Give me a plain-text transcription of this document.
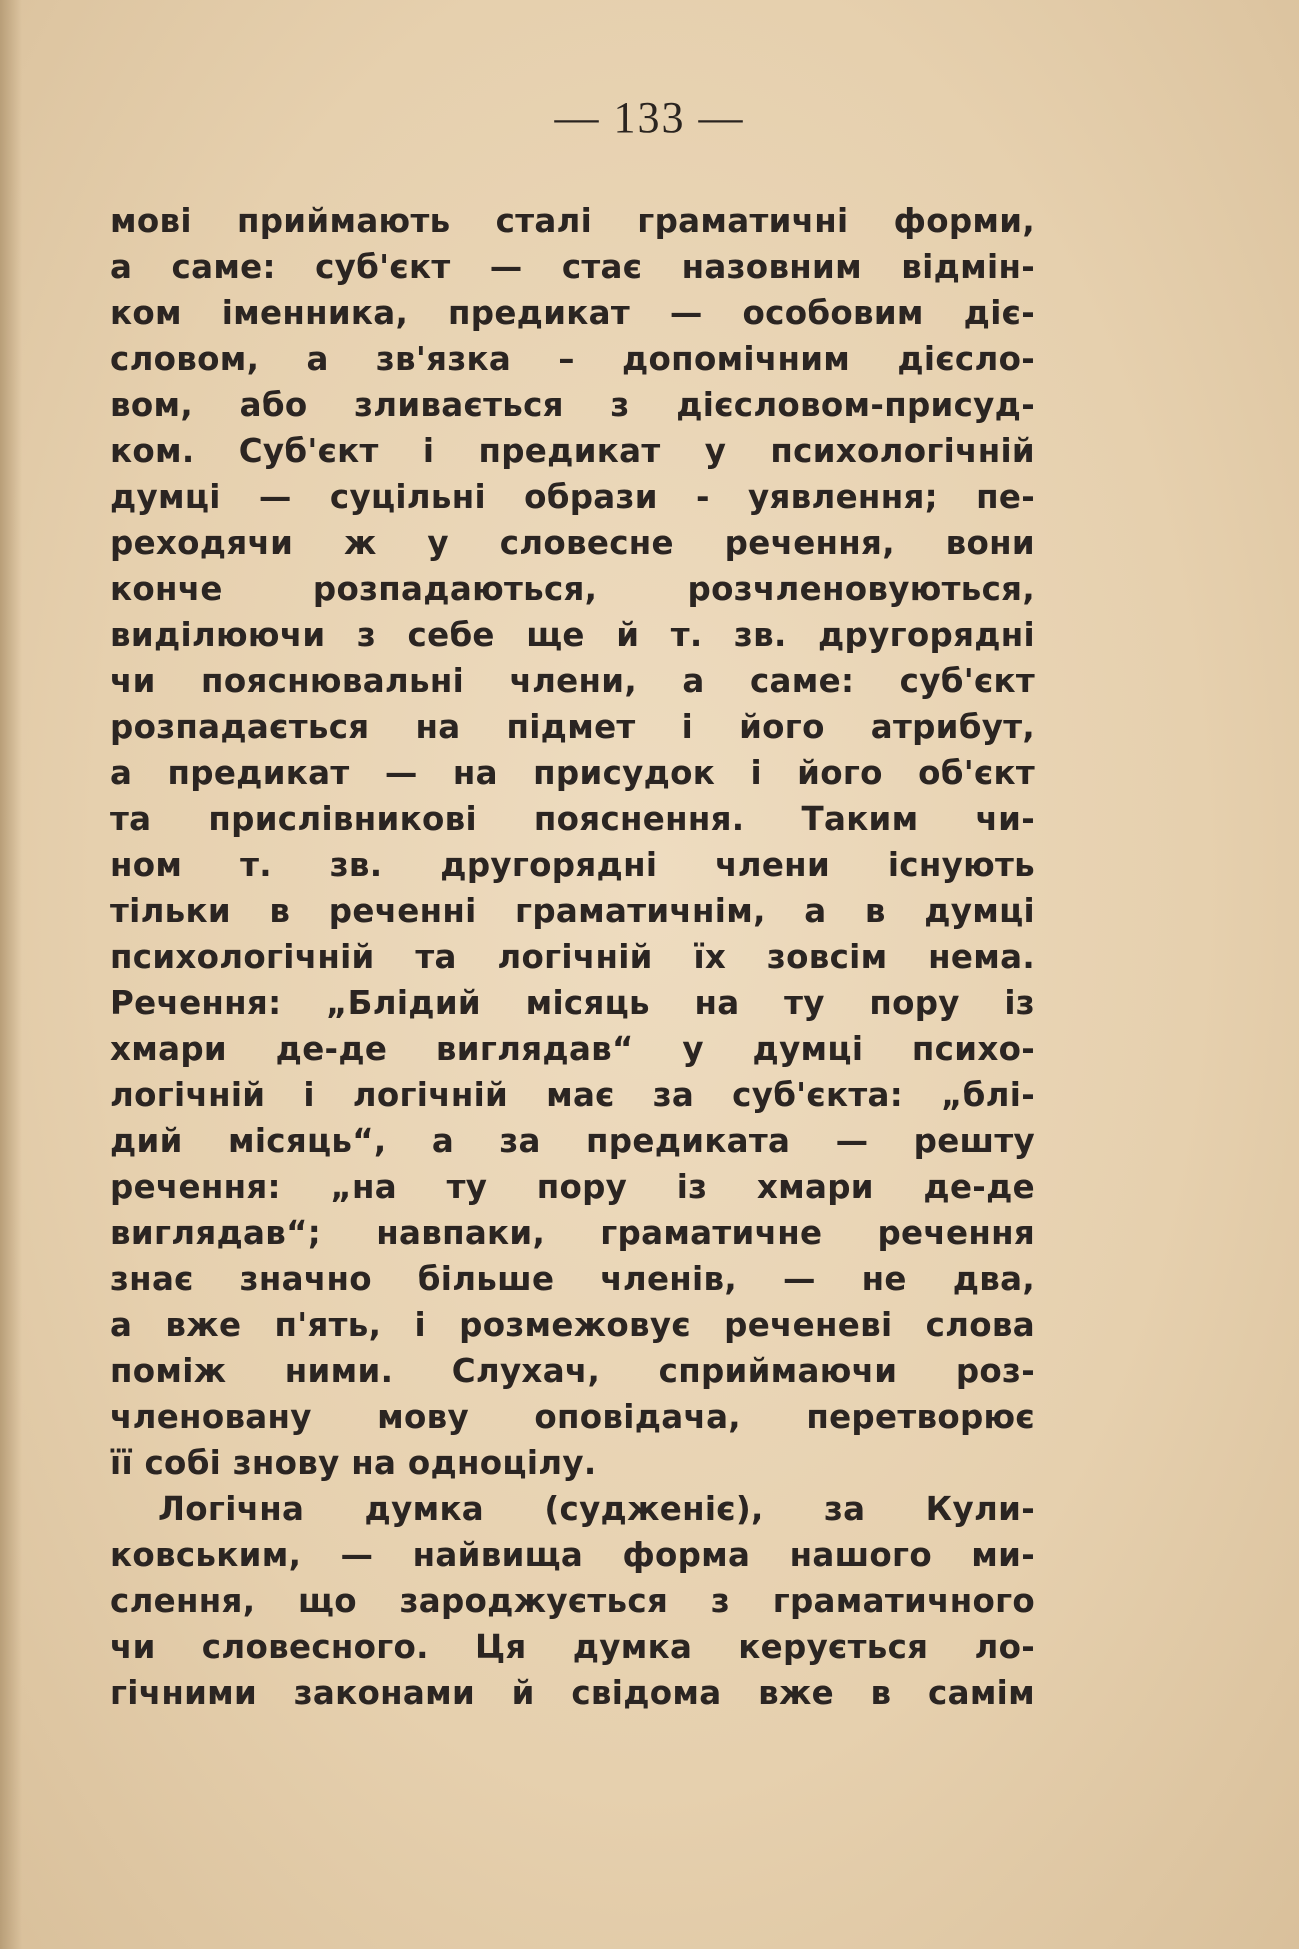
— 133 —
мові приймають сталі граматичні форми,
а саме: суб'єкт — стає назовним відмін-
ком іменника, предикат — особовим діє-
словом, а зв'язка – допомічним дієсло-
вом, або зливається з дієсловом-присуд-
ком. Суб'єкт і предикат у психологічній
думці — суцільні образи - уявлення; пе-
реходячи ж у словесне речення, вони
конче розпадаються, розчленовуються,
виділюючи з себе ще й т. зв. другорядні
чи пояснювальні члени, а саме: суб'єкт
розпадається на підмет і його атрибут,
а предикат — на присудок і його об'єкт
та прислівникові пояснення. Таким чи-
ном т. зв. другорядні члени існують
тільки в реченні граматичнім, а в думці
психологічній та логічній їх зовсім нема.
Речення: „Блідий місяць на ту пору із
хмари де-де виглядав“ у думці психо-
логічній і логічній має за суб'єкта: „блі-
дий місяць“, а за предиката — решту
речення: „на ту пору із хмари де-де
виглядав“; навпаки, граматичне речення
знає значно більше членів, — не два,
а вже п'ять, і розмежовує реченеві слова
поміж ними. Слухач, сприймаючи роз-
членовану мову оповідача, перетворює
її собі знову на одноцілу.
Логічна думка (судженіє), за Кули-
ковським, — найвища форма нашого ми-
слення, що зароджується з граматичного
чи словесного. Ця думка керується ло-
гічними законами й свідома вже в самім
